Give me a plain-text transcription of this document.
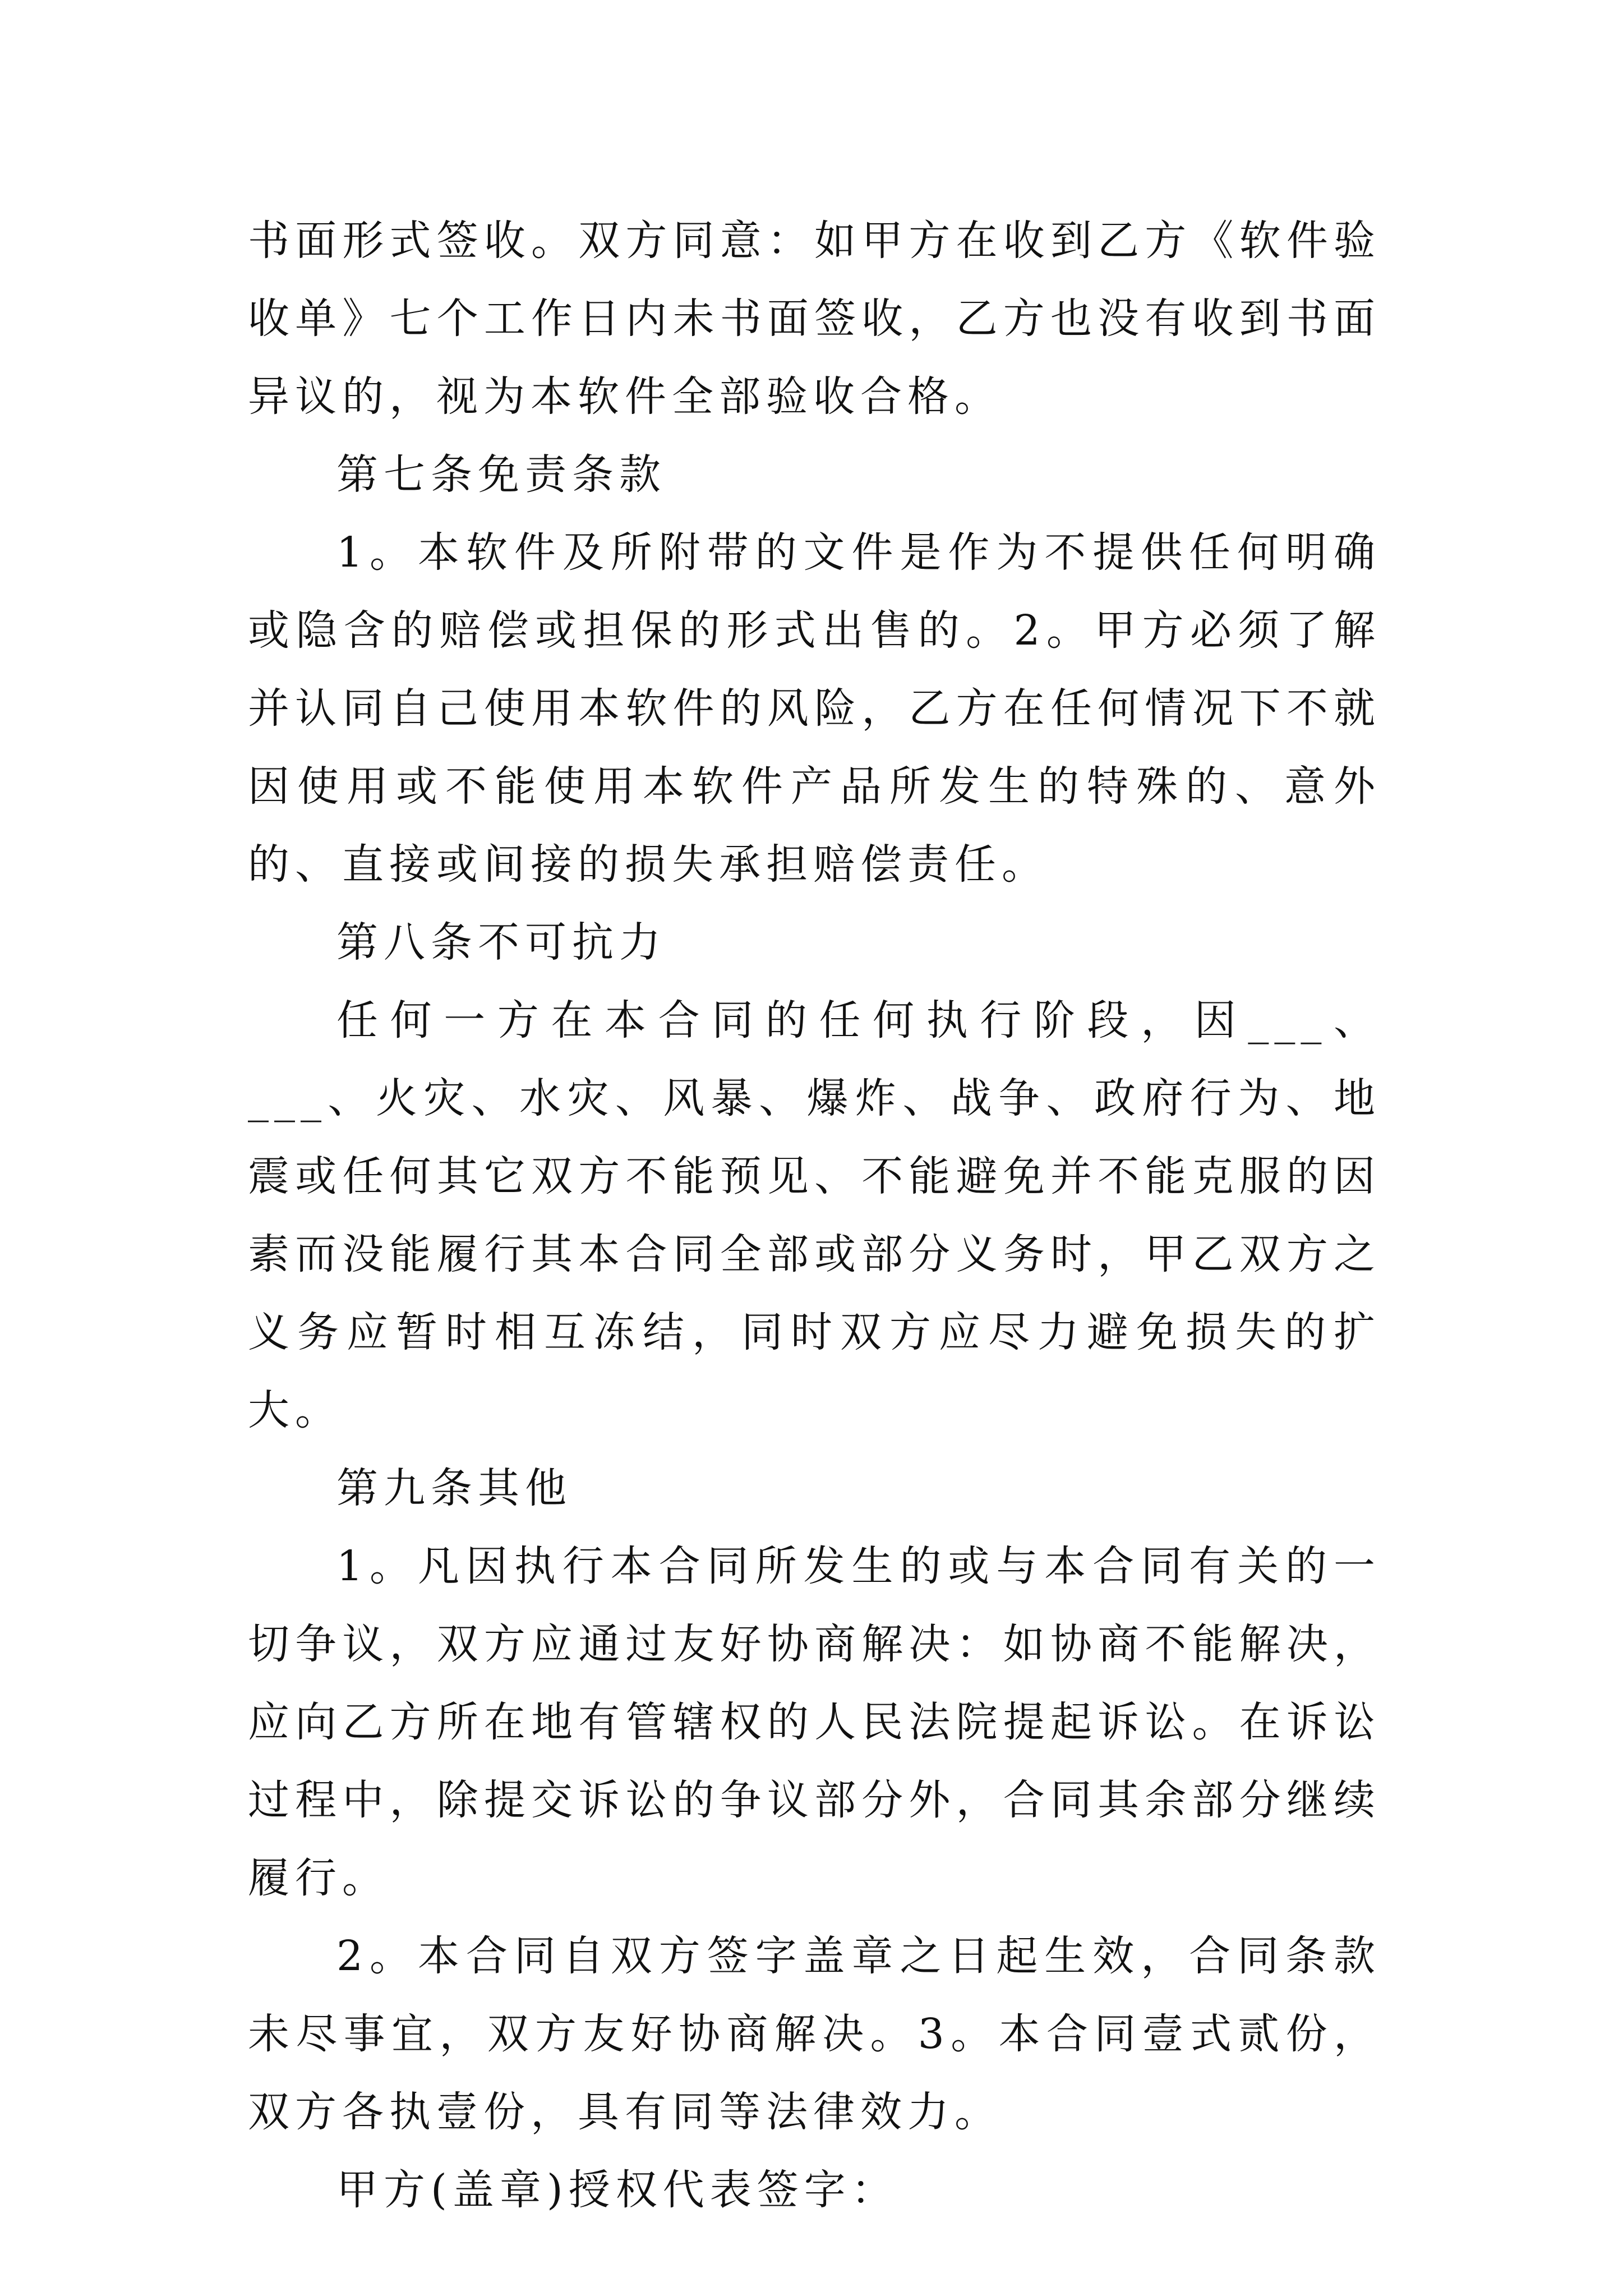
书面形式签收。双方同意：如甲方在收到乙方《软件验收单》七个工作日内未书面签收，乙方也没有收到书面异议的，视为本软件全部验收合格。

第七条免责条款

1。本软件及所附带的文件是作为不提供任何明确或隐含的赔偿或担保的形式出售的。2。甲方必须了解并认同自己使用本软件的风险，乙方在任何情况下不就因使用或不能使用本软件产品所发生的特殊的、意外的、直接或间接的损失承担赔偿责任。

第八条不可抗力

任何一方在本合同的任何执行阶段，因___、___、火灾、水灾、风暴、爆炸、战争、政府行为、地震或任何其它双方不能预见、不能避免并不能克服的因素而没能履行其本合同全部或部分义务时，甲乙双方之义务应暂时相互冻结，同时双方应尽力避免损失的扩大。

第九条其他

1。凡因执行本合同所发生的或与本合同有关的一切争议，双方应通过友好协商解决：如协商不能解决，应向乙方所在地有管辖权的人民法院提起诉讼。在诉讼过程中，除提交诉讼的争议部分外，合同其余部分继续履行。

2。本合同自双方签字盖章之日起生效，合同条款未尽事宜，双方友好协商解决。3。本合同壹式贰份，双方各执壹份，具有同等法律效力。

甲方(盖章)授权代表签字：
